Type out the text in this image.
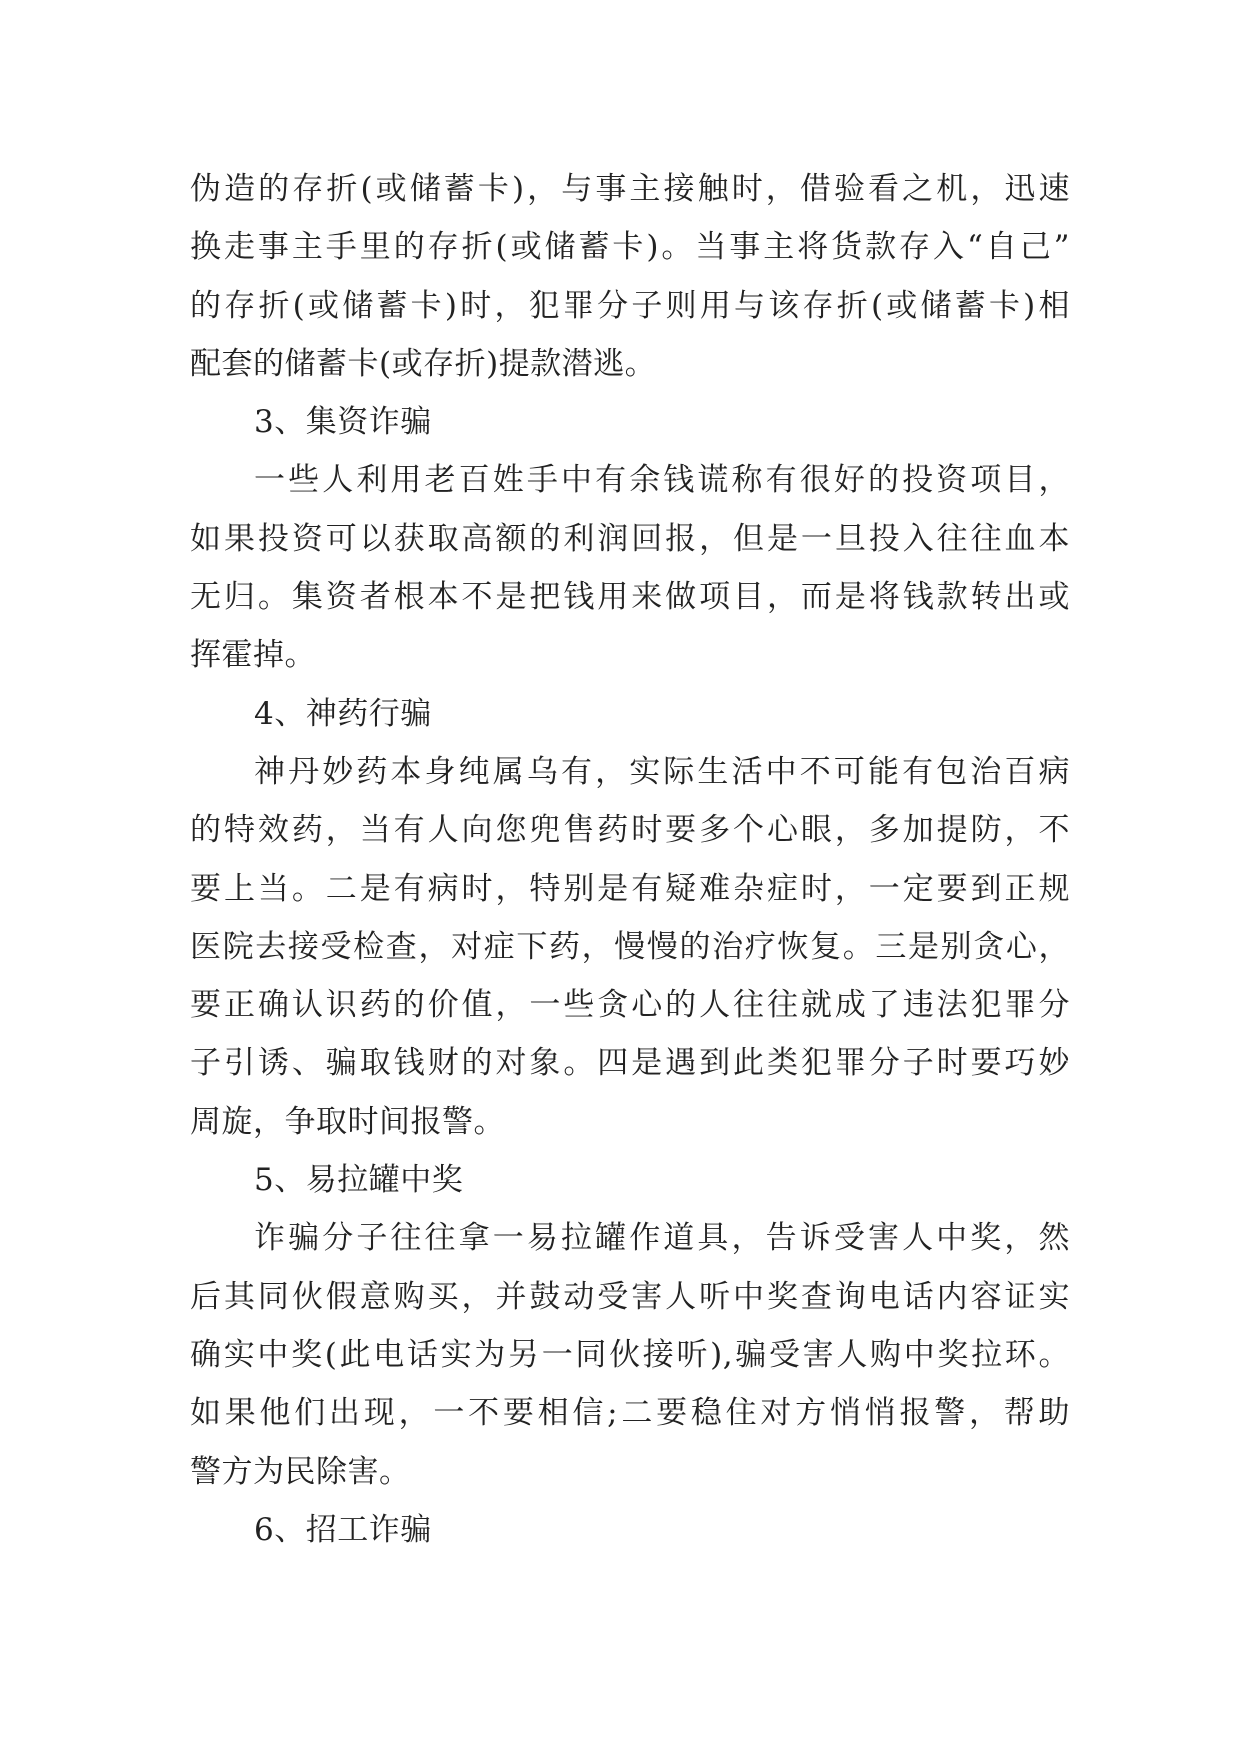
伪造的存折(或储蓄卡)，与事主接触时，借验看之机，迅速
换走事主手里的存折(或储蓄卡)。当事主将货款存入“自己”
的存折(或储蓄卡)时，犯罪分子则用与该存折(或储蓄卡)相
配套的储蓄卡(或存折)提款潜逃。
3、集资诈骗
一些人利用老百姓手中有余钱谎称有很好的投资项目，
如果投资可以获取高额的利润回报，但是一旦投入往往血本
无归。集资者根本不是把钱用来做项目，而是将钱款转出或
挥霍掉。
4、神药行骗
神丹妙药本身纯属乌有，实际生活中不可能有包治百病
的特效药，当有人向您兜售药时要多个心眼，多加提防，不
要上当。二是有病时，特别是有疑难杂症时，一定要到正规
医院去接受检查，对症下药，慢慢的治疗恢复。三是别贪心，
要正确认识药的价值，一些贪心的人往往就成了违法犯罪分
子引诱、骗取钱财的对象。四是遇到此类犯罪分子时要巧妙
周旋，争取时间报警。
5、易拉罐中奖
诈骗分子往往拿一易拉罐作道具，告诉受害人中奖，然
后其同伙假意购买，并鼓动受害人听中奖查询电话内容证实
确实中奖(此电话实为另一同伙接听),骗受害人购中奖拉环。
如果他们出现，一不要相信;二要稳住对方悄悄报警，帮助
警方为民除害。
6、招工诈骗
